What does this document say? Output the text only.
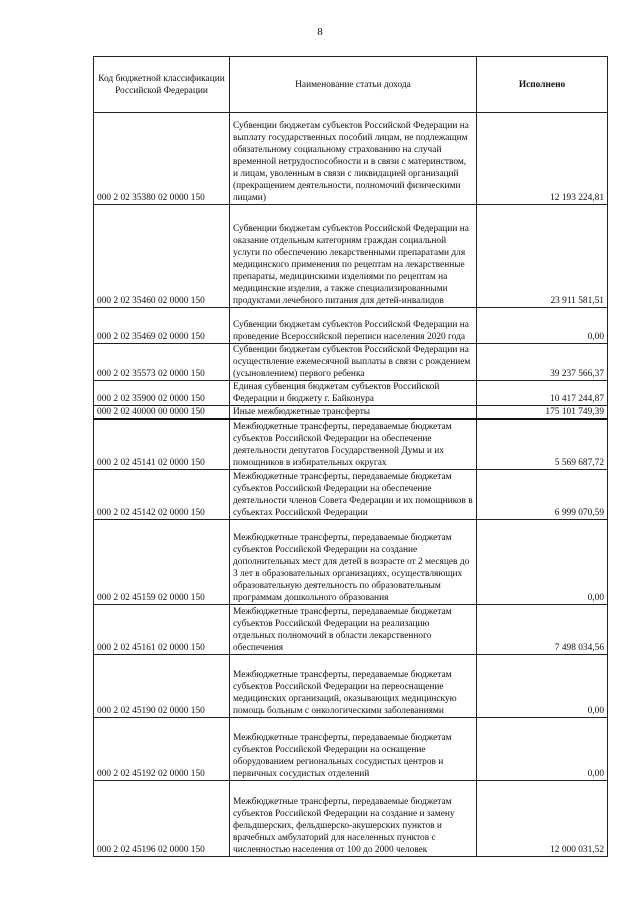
8
Код бюджетной классификации Российской Федерации	Наименование статьи дохода	Исполнено
000 2 02 35380 02 0000 150	Субвенции бюджетам субъектов Российской Федерации на выплату государственных пособий лицам, не подлежащим обязательному социальному страхованию на случай временной нетрудоспособности и в связи с материнством, и лицам, уволенным в связи с ликвидацией организаций (прекращением деятельности, полномочий физическими лицами)	12 193 224,81
000 2 02 35460 02 0000 150	Субвенции бюджетам субъектов Российской Федерации на оказание отдельным категориям граждан социальной услуги по обеспечению лекарственными препаратами для медицинского применения по рецептам на лекарственные препараты, медицинскими изделиями по рецептам на медицинские изделия, а также специализированными продуктами лечебного питания для детей-инвалидов	23 911 581,51
000 2 02 35469 02 0000 150	Субвенции бюджетам субъектов Российской Федерации на проведение Всероссийской переписи населения 2020 года	0,00
000 2 02 35573 02 0000 150	Субвенции бюджетам субъектов Российской Федерации на осуществление ежемесячной выплаты в связи с рождением (усыновлением) первого ребенка	39 237 566,37
000 2 02 35900 02 0000 150	Единая субвенция бюджетам субъектов Российской Федерации и бюджету г. Байконура	10 417 244,87
000 2 02 40000 00 0000 150	Иные межбюджетные трансферты	175 101 749,39
000 2 02 45141 02 0000 150	Межбюджетные трансферты, передаваемые бюджетам субъектов Российской Федерации на обеспечение деятельности депутатов Государственной Думы и их помощников в избирательных округах	5 569 687,72
000 2 02 45142 02 0000 150	Межбюджетные трансферты, передаваемые бюджетам субъектов Российской Федерации на обеспечение деятельности членов Совета Федерации и их помощников в субъектах Российской Федерации	6 999 070,59
000 2 02 45159 02 0000 150	Межбюджетные трансферты, передаваемые бюджетам субъектов Российской Федерации на создание дополнительных мест для детей в возрасте от 2 месяцев до 3 лет в образовательных организациях, осуществляющих образовательную деятельность по образовательным программам дошкольного образования	0,00
000 2 02 45161 02 0000 150	Межбюджетные трансферты, передаваемые бюджетам субъектов Российской Федерации на реализацию отдельных полномочий в области лекарственного обеспечения	7 498 034,56
000 2 02 45190 02 0000 150	Межбюджетные трансферты, передаваемые бюджетам субъектов Российской Федерации на переоснащение медицинских организаций, оказывающих медицинскую помощь больным с онкологическими заболеваниями	0,00
000 2 02 45192 02 0000 150	Межбюджетные трансферты, передаваемые бюджетам субъектов Российской Федерации на оснащение оборудованием региональных сосудистых центров и первичных сосудистых отделений	0,00
000 2 02 45196 02 0000 150	Межбюджетные трансферты, передаваемые бюджетам субъектов Российской Федерации на создание и замену фельдшерских, фельдшерско-акушерских пунктов и врачебных амбулаторий для населенных пунктов с численностью населения от 100 до 2000 человек	12 000 031,52
